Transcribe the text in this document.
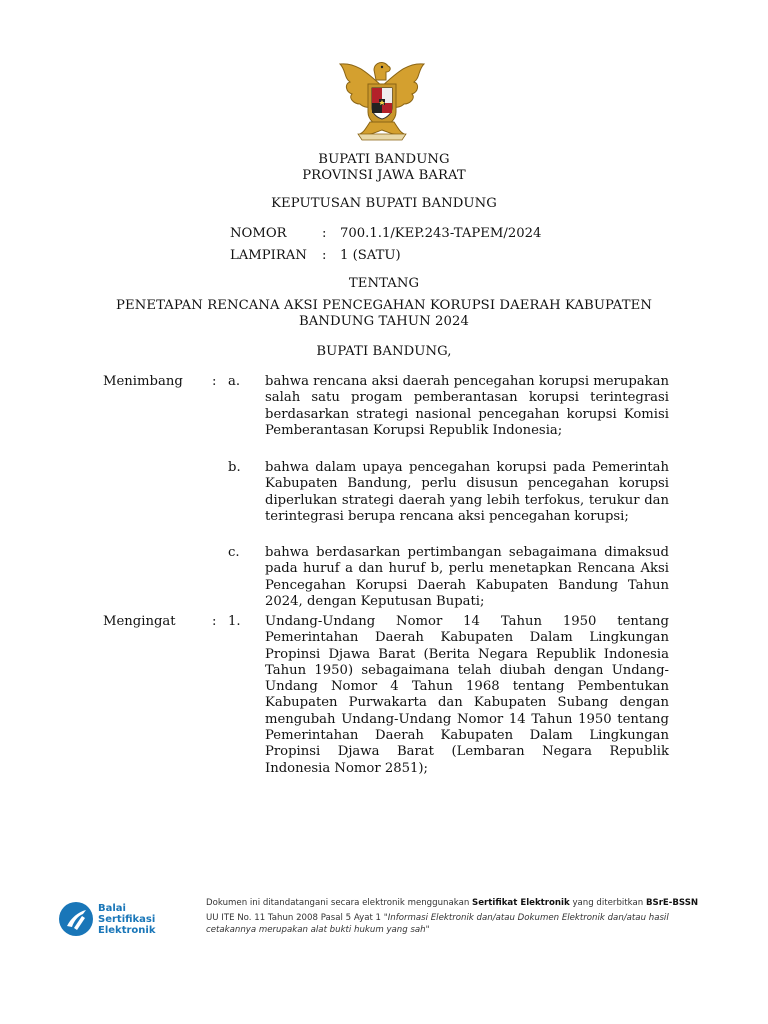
BUPATI BANDUNG
PROVINSI JAWA BARAT
KEPUTUSAN BUPATI BANDUNG
NOMOR	: 700.1.1/KEP.243-TAPEM/2024
LAMPIRAN : 1 (SATU)
TENTANG
PENETAPAN RENCANA AKSI PENCEGAHAN KORUPSI DAERAH KABUPATEN
BANDUNG TAHUN 2024
BUPATI BANDUNG,
Menimbang : a. bahwa rencana aksi daerah pencegahan korupsi merupakan salah satu progam pemberantasan korupsi terintegrasi berdasarkan strategi nasional pencegahan korupsi Komisi Pemberantasan Korupsi Republik Indonesia;
b. bahwa dalam upaya pencegahan korupsi pada Pemerintah Kabupaten Bandung, perlu disusun pencegahan korupsi diperlukan strategi daerah yang lebih terfokus, terukur dan terintegrasi berupa rencana aksi pencegahan korupsi;
c. bahwa berdasarkan pertimbangan sebagaimana dimaksud pada huruf a dan huruf b, perlu menetapkan Rencana Aksi Pencegahan Korupsi Daerah Kabupaten Bandung Tahun 2024, dengan Keputusan Bupati;
Mengingat	: 1. Undang-Undang Nomor 14 Tahun 1950 tentang Pemerintahan Daerah Kabupaten Dalam Lingkungan Propinsi Djawa Barat (Berita Negara Republik Indonesia Tahun 1950) sebagaimana telah diubah dengan Undang-Undang Nomor 4 Tahun 1968 tentang Pembentukan Kabupaten Purwakarta dan Kabupaten Subang dengan mengubah Undang-Undang Nomor 14 Tahun 1950 tentang Pemerintahan Daerah Kabupaten Dalam Lingkungan Propinsi Djawa Barat (Lembaran Negara Republik Indonesia Nomor 2851);
Balai
Sertifikasi
Elektronik
Dokumen ini ditandatangani secara elektronik menggunakan Sertifikat Elektronik yang diterbitkan BSrE-BSSN
UU ITE No. 11 Tahun 2008 Pasal 5 Ayat 1 "Informasi Elektronik dan/atau Dokumen Elektronik dan/atau hasil cetakannya merupakan alat bukti hukum yang sah"
